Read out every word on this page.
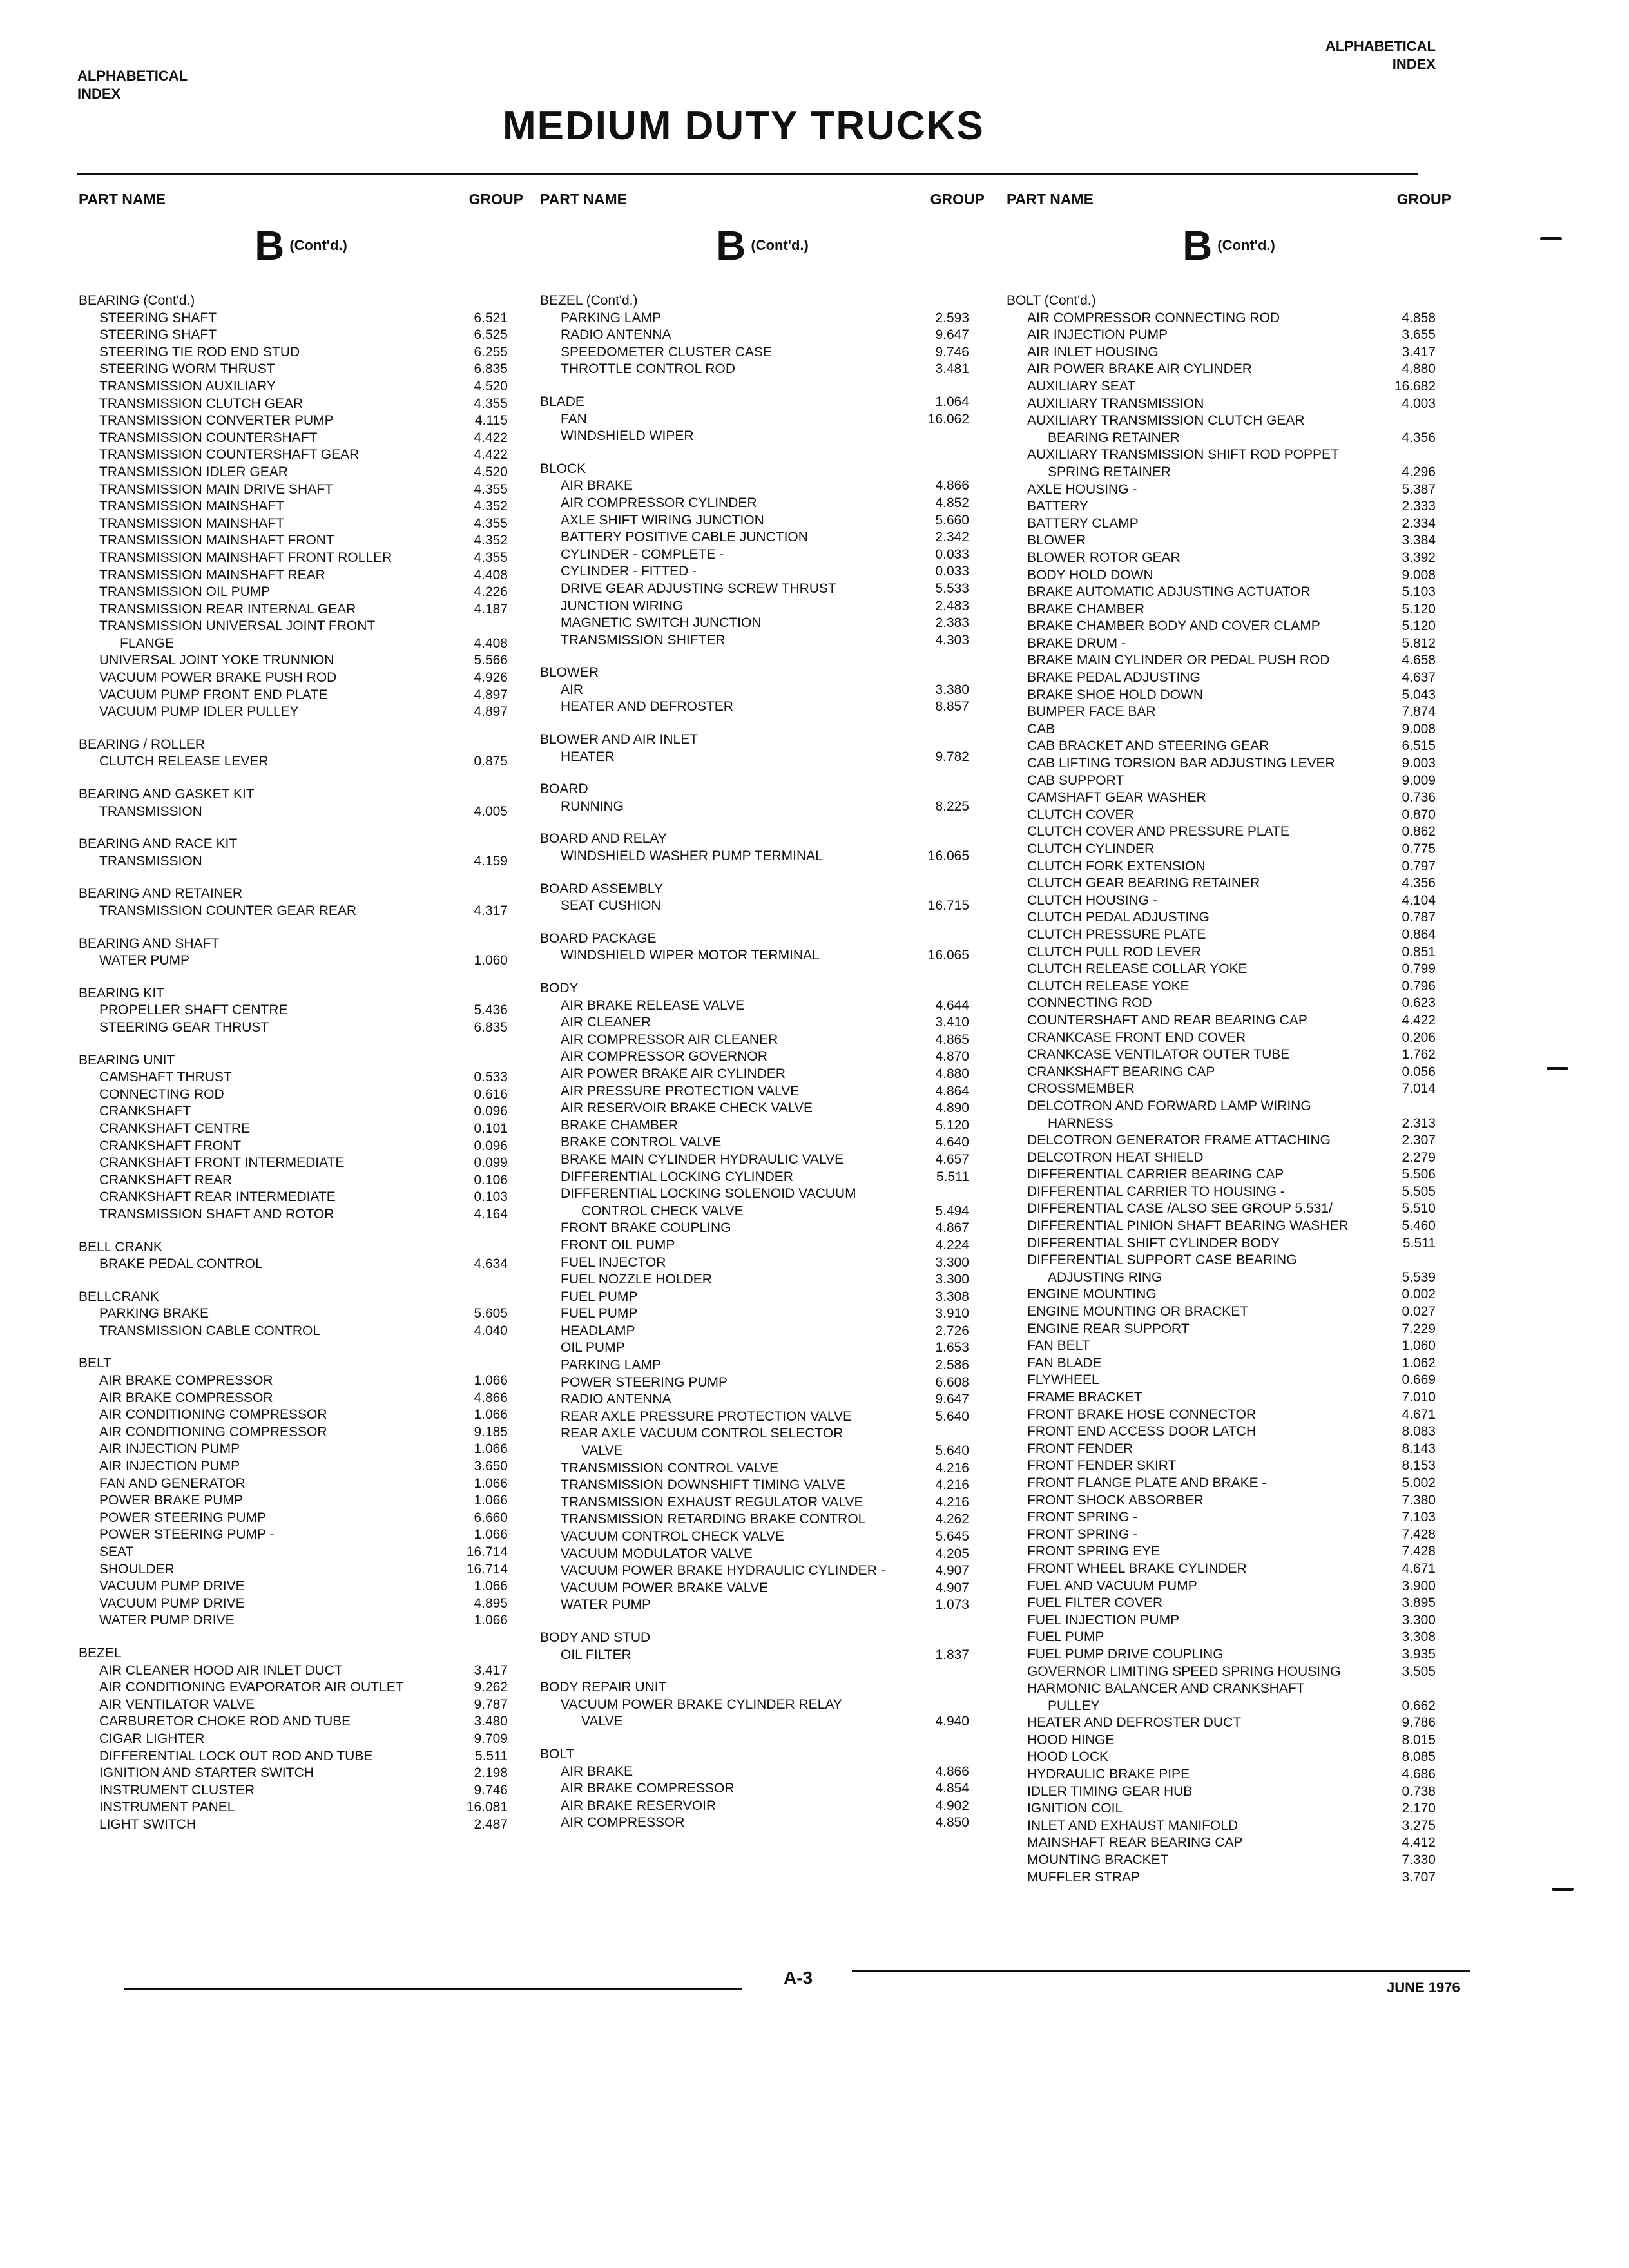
ALPHABETICAL
INDEX
ALPHABETICAL
INDEX
MEDIUM DUTY TRUCKS
PART NAME	GROUP
B (Cont'd.)
BEARING (Cont'd.)
STEERING SHAFT	6.521
STEERING SHAFT	6.525
STEERING TIE ROD END STUD	6.255
STEERING WORM THRUST	6.835
TRANSMISSION AUXILIARY	4.520
TRANSMISSION CLUTCH GEAR	4.355
TRANSMISSION CONVERTER PUMP	4.115
TRANSMISSION COUNTERSHAFT	4.422
TRANSMISSION COUNTERSHAFT GEAR	4.422
TRANSMISSION IDLER GEAR	4.520
TRANSMISSION MAIN DRIVE SHAFT	4.355
TRANSMISSION MAINSHAFT	4.352
TRANSMISSION MAINSHAFT	4.355
TRANSMISSION MAINSHAFT FRONT	4.352
TRANSMISSION MAINSHAFT FRONT ROLLER	4.355
TRANSMISSION MAINSHAFT REAR	4.408
TRANSMISSION OIL PUMP	4.226
TRANSMISSION REAR INTERNAL GEAR	4.187
TRANSMISSION UNIVERSAL JOINT FRONT
FLANGE	4.408
UNIVERSAL JOINT YOKE TRUNNION	5.566
VACUUM POWER BRAKE PUSH ROD	4.926
VACUUM PUMP FRONT END PLATE	4.897
VACUUM PUMP IDLER PULLEY	4.897
BEARING / ROLLER
CLUTCH RELEASE LEVER	0.875
BEARING AND GASKET KIT
TRANSMISSION	4.005
BEARING AND RACE KIT
TRANSMISSION	4.159
BEARING AND RETAINER
TRANSMISSION COUNTER GEAR REAR	4.317
BEARING AND SHAFT
WATER PUMP	1.060
BEARING KIT
PROPELLER SHAFT CENTRE	5.436
STEERING GEAR THRUST	6.835
BEARING UNIT
CAMSHAFT THRUST	0.533
CONNECTING ROD	0.616
CRANKSHAFT	0.096
CRANKSHAFT CENTRE	0.101
CRANKSHAFT FRONT	0.096
CRANKSHAFT FRONT INTERMEDIATE	0.099
CRANKSHAFT REAR	0.106
CRANKSHAFT REAR INTERMEDIATE	0.103
TRANSMISSION SHAFT AND ROTOR	4.164
BELL CRANK
BRAKE PEDAL CONTROL	4.634
BELLCRANK
PARKING BRAKE	5.605
TRANSMISSION CABLE CONTROL	4.040
BELT
AIR BRAKE COMPRESSOR	1.066
AIR BRAKE COMPRESSOR	4.866
AIR CONDITIONING COMPRESSOR	1.066
AIR CONDITIONING COMPRESSOR	9.185
AIR INJECTION PUMP	1.066
AIR INJECTION PUMP	3.650
FAN AND GENERATOR	1.066
POWER BRAKE PUMP	1.066
POWER STEERING PUMP	6.660
POWER STEERING PUMP -	1.066
SEAT	16.714
SHOULDER	16.714
VACUUM PUMP DRIVE	1.066
VACUUM PUMP DRIVE	4.895
WATER PUMP DRIVE	1.066
BEZEL
AIR CLEANER HOOD AIR INLET DUCT	3.417
AIR CONDITIONING EVAPORATOR AIR OUTLET	9.262
AIR VENTILATOR VALVE	9.787
CARBURETOR CHOKE ROD AND TUBE	3.480
CIGAR LIGHTER	9.709
DIFFERENTIAL LOCK OUT ROD AND TUBE	5.511
IGNITION AND STARTER SWITCH	2.198
INSTRUMENT CLUSTER	9.746
INSTRUMENT PANEL	16.081
LIGHT SWITCH	2.487
PART NAME	GROUP
B (Cont'd.)
BEZEL (Cont'd.)
PARKING LAMP	2.593
RADIO ANTENNA	9.647
SPEEDOMETER CLUSTER CASE	9.746
THROTTLE CONTROL ROD	3.481
BLADE	1.064
FAN	16.062
WINDSHIELD WIPER
BLOCK
AIR BRAKE	4.866
AIR COMPRESSOR CYLINDER	4.852
AXLE SHIFT WIRING JUNCTION	5.660
BATTERY POSITIVE CABLE JUNCTION	2.342
CYLINDER - COMPLETE -	0.033
CYLINDER - FITTED -	0.033
DRIVE GEAR ADJUSTING SCREW THRUST	5.533
JUNCTION WIRING	2.483
MAGNETIC SWITCH JUNCTION	2.383
TRANSMISSION SHIFTER	4.303
BLOWER
AIR	3.380
HEATER AND DEFROSTER	8.857
BLOWER AND AIR INLET
HEATER	9.782
BOARD
RUNNING	8.225
BOARD AND RELAY
WINDSHIELD WASHER PUMP TERMINAL	16.065
BOARD ASSEMBLY
SEAT CUSHION	16.715
BOARD PACKAGE
WINDSHIELD WIPER MOTOR TERMINAL	16.065
BODY
AIR BRAKE RELEASE VALVE	4.644
AIR CLEANER	3.410
AIR COMPRESSOR AIR CLEANER	4.865
AIR COMPRESSOR GOVERNOR	4.870
AIR POWER BRAKE AIR CYLINDER	4.880
AIR PRESSURE PROTECTION VALVE	4.864
AIR RESERVOIR BRAKE CHECK VALVE	4.890
BRAKE CHAMBER	5.120
BRAKE CONTROL VALVE	4.640
BRAKE MAIN CYLINDER HYDRAULIC VALVE	4.657
DIFFERENTIAL LOCKING CYLINDER	5.511
DIFFERENTIAL LOCKING SOLENOID VACUUM
CONTROL CHECK VALVE	5.494
FRONT BRAKE COUPLING	4.867
FRONT OIL PUMP	4.224
FUEL INJECTOR	3.300
FUEL NOZZLE HOLDER	3.300
FUEL PUMP	3.308
FUEL PUMP	3.910
HEADLAMP	2.726
OIL PUMP	1.653
PARKING LAMP	2.586
POWER STEERING PUMP	6.608
RADIO ANTENNA	9.647
REAR AXLE PRESSURE PROTECTION VALVE	5.640
REAR AXLE VACUUM CONTROL SELECTOR
VALVE	5.640
TRANSMISSION CONTROL VALVE	4.216
TRANSMISSION DOWNSHIFT TIMING VALVE	4.216
TRANSMISSION EXHAUST REGULATOR VALVE	4.216
TRANSMISSION RETARDING BRAKE CONTROL	4.262
VACUUM CONTROL CHECK VALVE	5.645
VACUUM MODULATOR VALVE	4.205
VACUUM POWER BRAKE HYDRAULIC CYLINDER -	4.907
VACUUM POWER BRAKE VALVE	4.907
WATER PUMP	1.073
BODY AND STUD
OIL FILTER	1.837
BODY REPAIR UNIT
VACUUM POWER BRAKE CYLINDER RELAY
VALVE	4.940
BOLT
AIR BRAKE	4.866
AIR BRAKE COMPRESSOR	4.854
AIR BRAKE RESERVOIR	4.902
AIR COMPRESSOR	4.850
PART NAME	GROUP
B (Cont'd.)
BOLT (Cont'd.)
AIR COMPRESSOR CONNECTING ROD	4.858
AIR INJECTION PUMP	3.655
AIR INLET HOUSING	3.417
AIR POWER BRAKE AIR CYLINDER	4.880
AUXILIARY SEAT	16.682
AUXILIARY TRANSMISSION	4.003
AUXILIARY TRANSMISSION CLUTCH GEAR
BEARING RETAINER	4.356
AUXILIARY TRANSMISSION SHIFT ROD POPPET
SPRING RETAINER	4.296
AXLE HOUSING -	5.387
BATTERY	2.333
BATTERY CLAMP	2.334
BLOWER	3.384
BLOWER ROTOR GEAR	3.392
BODY HOLD DOWN	9.008
BRAKE AUTOMATIC ADJUSTING ACTUATOR	5.103
BRAKE CHAMBER	5.120
BRAKE CHAMBER BODY AND COVER CLAMP	5.120
BRAKE DRUM -	5.812
BRAKE MAIN CYLINDER OR PEDAL PUSH ROD	4.658
BRAKE PEDAL ADJUSTING	4.637
BRAKE SHOE HOLD DOWN	5.043
BUMPER FACE BAR	7.874
CAB	9.008
CAB BRACKET AND STEERING GEAR	6.515
CAB LIFTING TORSION BAR ADJUSTING LEVER	9.003
CAB SUPPORT	9.009
CAMSHAFT GEAR WASHER	0.736
CLUTCH COVER	0.870
CLUTCH COVER AND PRESSURE PLATE	0.862
CLUTCH CYLINDER	0.775
CLUTCH FORK EXTENSION	0.797
CLUTCH GEAR BEARING RETAINER	4.356
CLUTCH HOUSING -	4.104
CLUTCH PEDAL ADJUSTING	0.787
CLUTCH PRESSURE PLATE	0.864
CLUTCH PULL ROD LEVER	0.851
CLUTCH RELEASE COLLAR YOKE	0.799
CLUTCH RELEASE YOKE	0.796
CONNECTING ROD	0.623
COUNTERSHAFT AND REAR BEARING CAP	4.422
CRANKCASE FRONT END COVER	0.206
CRANKCASE VENTILATOR OUTER TUBE	1.762
CRANKSHAFT BEARING CAP	0.056
CROSSMEMBER	7.014
DELCOTRON AND FORWARD LAMP WIRING
HARNESS	2.313
DELCOTRON GENERATOR FRAME ATTACHING	2.307
DELCOTRON HEAT SHIELD	2.279
DIFFERENTIAL CARRIER BEARING CAP	5.506
DIFFERENTIAL CARRIER TO HOUSING -	5.505
DIFFERENTIAL CASE /ALSO SEE GROUP 5.531/	5.510
DIFFERENTIAL PINION SHAFT BEARING WASHER	5.460
DIFFERENTIAL SHIFT CYLINDER BODY	5.511
DIFFERENTIAL SUPPORT CASE BEARING
ADJUSTING RING	5.539
ENGINE MOUNTING	0.002
ENGINE MOUNTING OR BRACKET	0.027
ENGINE REAR SUPPORT	7.229
FAN BELT	1.060
FAN BLADE	1.062
FLYWHEEL	0.669
FRAME BRACKET	7.010
FRONT BRAKE HOSE CONNECTOR	4.671
FRONT END ACCESS DOOR LATCH	8.083
FRONT FENDER	8.143
FRONT FENDER SKIRT	8.153
FRONT FLANGE PLATE AND BRAKE -	5.002
FRONT SHOCK ABSORBER	7.380
FRONT SPRING -	7.103
FRONT SPRING -	7.428
FRONT SPRING EYE	7.428
FRONT WHEEL BRAKE CYLINDER	4.671
FUEL AND VACUUM PUMP	3.900
FUEL FILTER COVER	3.895
FUEL INJECTION PUMP	3.300
FUEL PUMP	3.308
FUEL PUMP DRIVE COUPLING	3.935
GOVERNOR LIMITING SPEED SPRING HOUSING	3.505
HARMONIC BALANCER AND CRANKSHAFT
PULLEY	0.662
HEATER AND DEFROSTER DUCT	9.786
HOOD HINGE	8.015
HOOD LOCK	8.085
HYDRAULIC BRAKE PIPE	4.686
IDLER TIMING GEAR HUB	0.738
IGNITION COIL	2.170
INLET AND EXHAUST MANIFOLD	3.275
MAINSHAFT REAR BEARING CAP	4.412
MOUNTING BRACKET	7.330
MUFFLER STRAP	3.707
A-3	JUNE 1976
